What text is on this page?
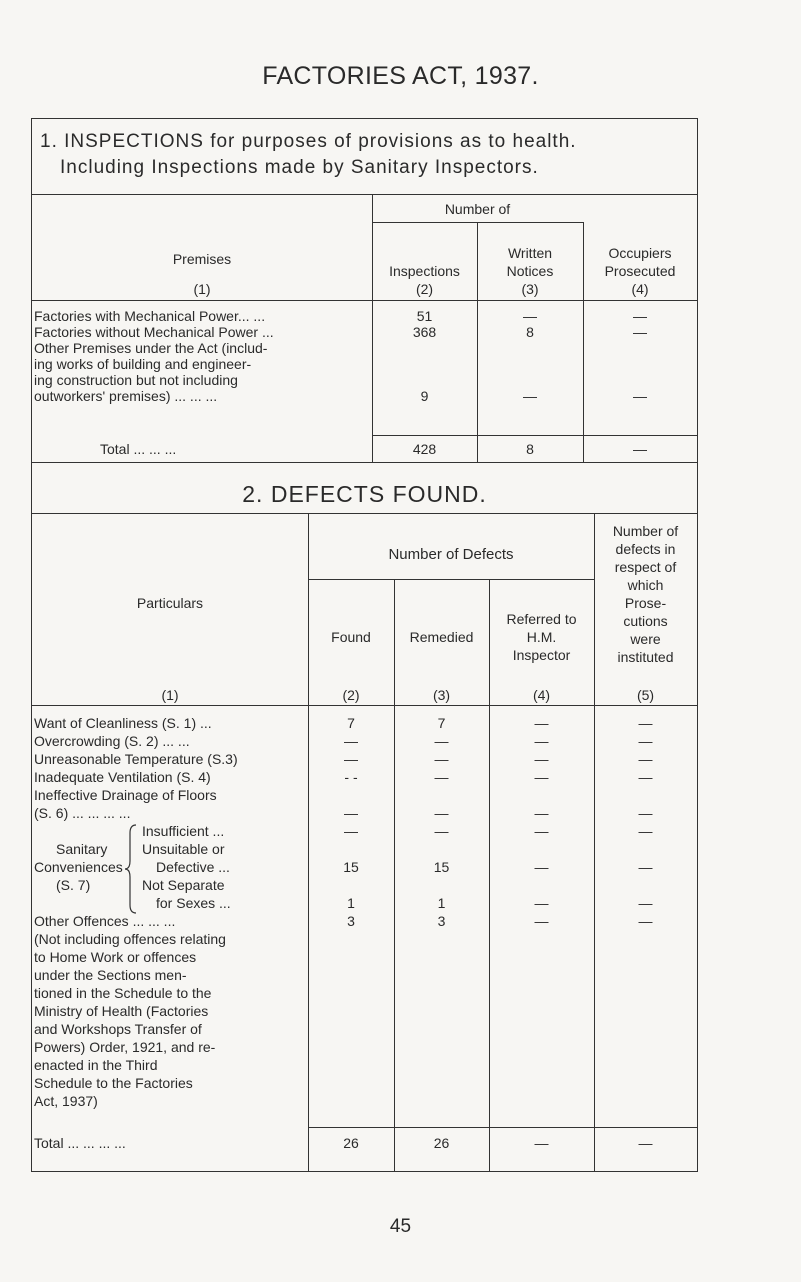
FACTORIES ACT, 1937.
1. INSPECTIONS for purposes of provisions as to health.
Including Inspections made by Sanitary Inspectors.
Number of
Premises
(1)
Inspections
(2)
Written
Notices
(3)
Occupiers
Prosecuted
(4)
Factories with Mechanical Power... ...	51	—	—
Factories without Mechanical Power ...	368	8	—
Other Premises under the Act (includ-
ing works of building and engineer-
ing construction but not including
outworkers' premises) ... ... ...	9	—	—
Total ... ... ...	428	8	—
2. DEFECTS FOUND.
Number of Defects
Particulars
(1)
Found
(2)
Remedied
(3)
Referred to
H.M.
Inspector
(4)
Number of
defects in
respect of
which
Prose-
cutions
were
instituted
(5)
Want of Cleanliness (S. 1) ...	7	7	—	—
Overcrowding (S. 2) ... ...	—	—	—	—
Unreasonable Temperature (S.3)	—	—	—	—
Inadequate Ventilation (S. 4)	- -	—	—	—
Ineffective Drainage of Floors
(S. 6) ... ... ... ...	—	—	—	—
Sanitary
Conveniences
(S. 7)
Insufficient ...	—	—	—	—
Unsuitable or
Defective ...	15	15	—	—
Not Separate
for Sexes ...	1	1	—	—
Other Offences ... ... ...	3	3	—	—
(Not including offences relating
to Home Work or offences
under the Sections men-
tioned in the Schedule to the
Ministry of Health (Factories
and Workshops Transfer of
Powers) Order, 1921, and re-
enacted in the Third
Schedule to the Factories
Act, 1937)
Total ... ... ... ...	26	26	—	—
45
